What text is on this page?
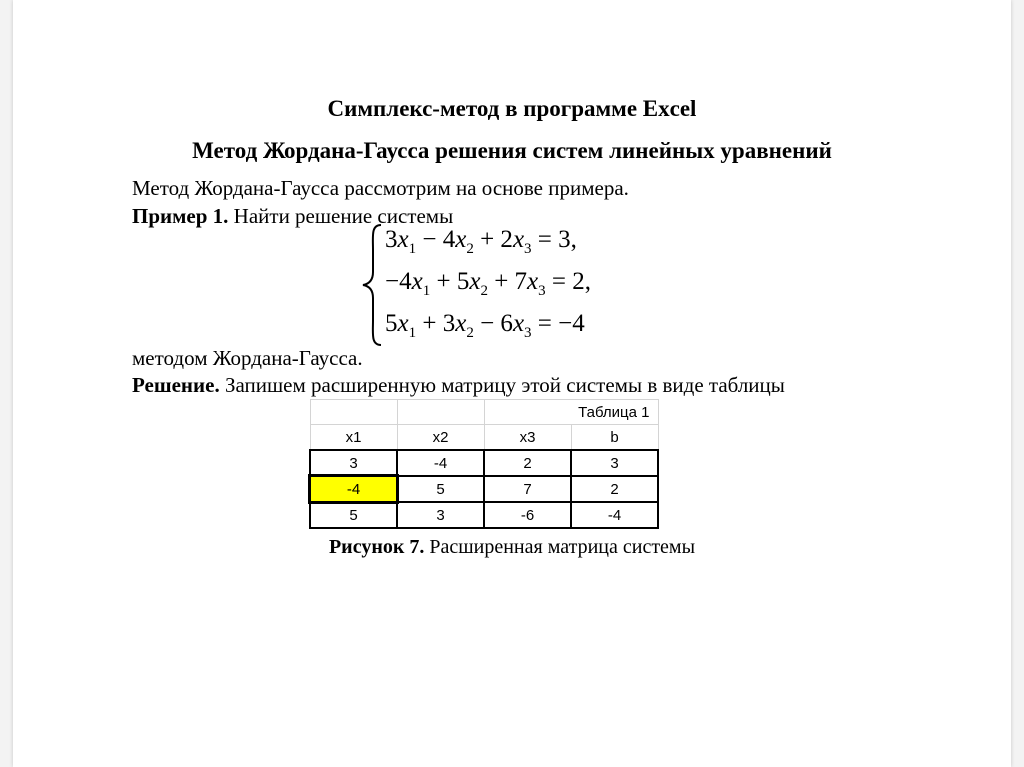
Симплекс-метод в программе Excel
Метод Жордана-Гаусса решения систем линейных уравнений
Метод Жордана-Гаусса рассмотрим на основе примера.
Пример 1. Найти решение системы
$3x_1 - 4x_2 + 2x_3 = 3$,
$-4x_1 + 5x_2 + 7x_3 = 2$,
$5x_1 + 3x_2 - 6x_3 = -4$
методом Жордана-Гаусса.
Решение. Запишем расширенную матрицу этой системы в виде таблицы
		Таблица 1	
x1	x2	x3	b
3	-4	2	3
-4	5	7	2
5	3	-6	-4
Рисунок 7. Расширенная матрица системы
